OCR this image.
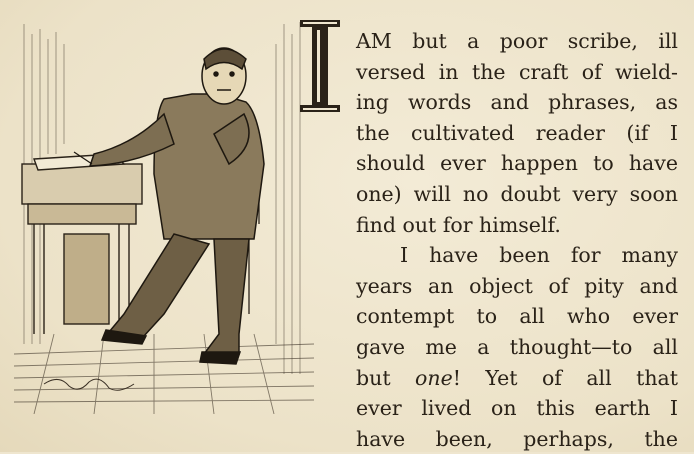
AM but a poor scribe, ill
versed in the craft of wield-
ing words and phrases, as
the cultivated reader (if I
should ever happen to have
one) will no doubt very soon
find out for himself.

I have been for many
years an object of pity and
contempt to all who ever
gave me a thought—to all
but one! Yet of all that
ever lived on this earth I
have been, perhaps, the
